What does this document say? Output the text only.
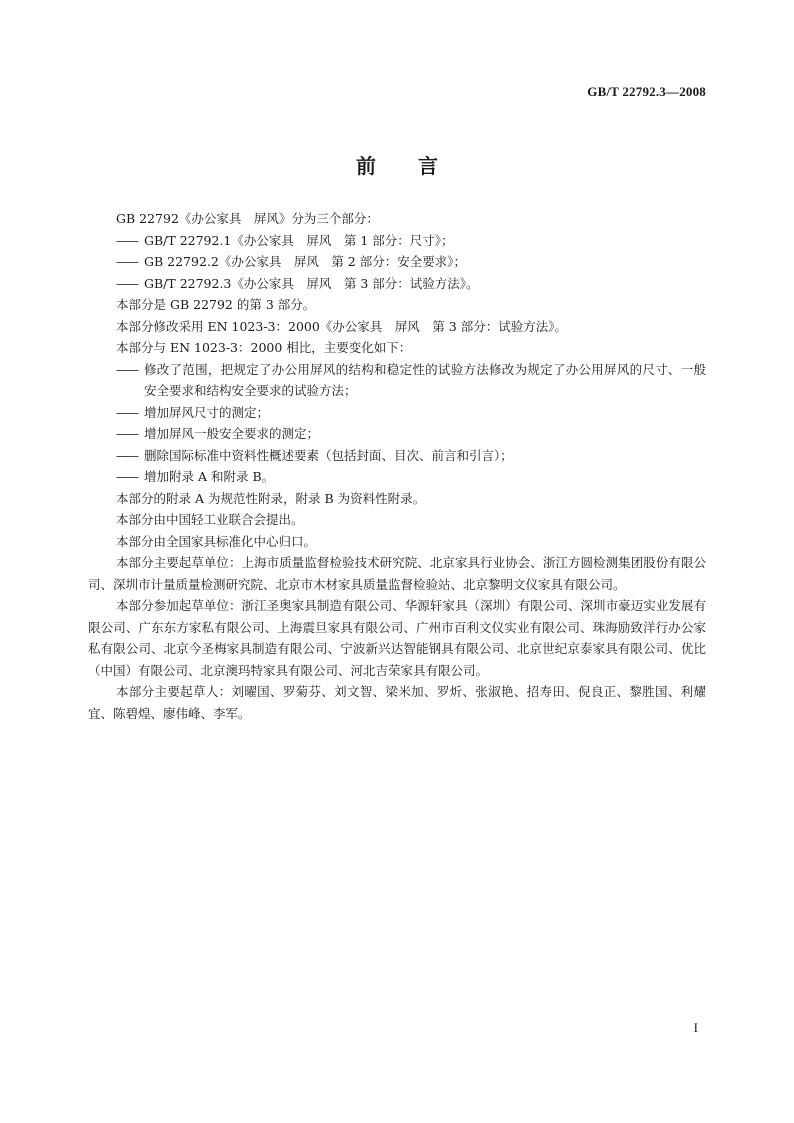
GB/T 22792.3—2008
前言

GB 22792《办公家具　屏风》分为三个部分：

—— GB/T 22792.1《办公家具　屏风　第 1 部分：尺寸》；
—— GB 22792.2《办公家具　屏风　第 2 部分：安全要求》；
—— GB/T 22792.3《办公家具　屏风　第 3 部分：试验方法》。

本部分是 GB 22792 的第 3 部分。

本部分修改采用 EN 1023-3：2000《办公家具　屏风　第 3 部分：试验方法》。

本部分与 EN 1023-3：2000 相比，主要变化如下：

—— 修改了范围，把规定了办公用屏风的结构和稳定性的试验方法修改为规定了办公用屏风的尺寸、一般安全要求和结构安全要求的试验方法；
—— 增加屏风尺寸的测定；
—— 增加屏风一般安全要求的测定；
—— 删除国际标准中资料性概述要素（包括封面、目次、前言和引言）；
—— 增加附录 A 和附录 B。

本部分的附录 A 为规范性附录，附录 B 为资料性附录。

本部分由中国轻工业联合会提出。

本部分由全国家具标准化中心归口。

本部分主要起草单位：上海市质量监督检验技术研究院、北京家具行业协会、浙江方圆检测集团股份有限公司、深圳市计量质量检测研究院、北京市木材家具质量监督检验站、北京黎明文仪家具有限公司。

本部分参加起草单位：浙江圣奥家具制造有限公司、华源轩家具（深圳）有限公司、深圳市豪迈实业发展有限公司、广东东方家私有限公司、上海震旦家具有限公司、广州市百利文仪实业有限公司、珠海励致洋行办公家私有限公司、北京今圣梅家具制造有限公司、宁波新兴达智能钢具有限公司、北京世纪京泰家具有限公司、优比（中国）有限公司、北京澳玛特家具有限公司、河北吉荣家具有限公司。

本部分主要起草人：刘曜国、罗菊芬、刘文智、梁米加、罗炘、张淑艳、招寿田、倪良正、黎胜国、利耀宜、陈碧煌、廖伟峰、李军。

I
